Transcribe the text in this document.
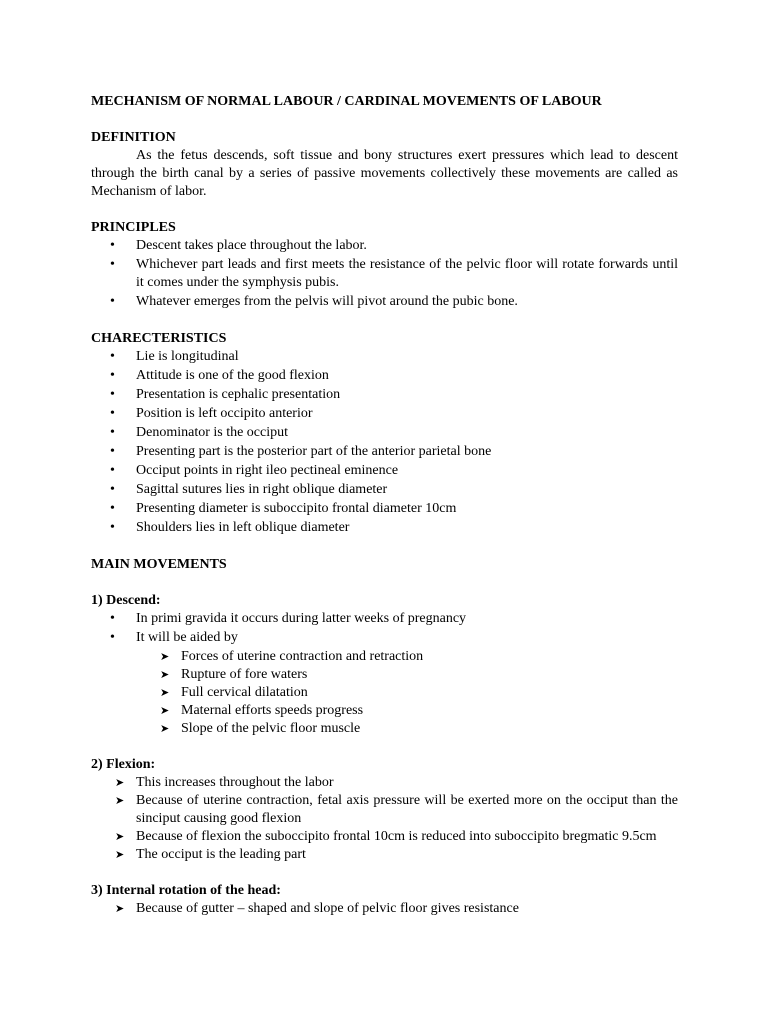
MECHANISM OF NORMAL LABOUR / CARDINAL MOVEMENTS OF LABOUR
DEFINITION

As the fetus descends, soft tissue and bony structures exert pressures which lead to descent through the birth canal by a series of passive movements collectively these movements are called as Mechanism of labor.

PRINCIPLES
• Descent takes place throughout the labor.
• Whichever part leads and first meets the resistance of the pelvic floor will rotate forwards until it comes under the symphysis pubis.
• Whatever emerges from the pelvis will pivot around the pubic bone.
CHARECTERISTICS
• Lie is longitudinal
• Attitude is one of the good flexion
• Presentation is cephalic presentation
• Position is left occipito anterior
• Denominator is the occiput
• Presenting part is the posterior part of the anterior parietal bone
• Occiput points in right ileo pectineal eminence
• Sagittal sutures lies in right oblique diameter
• Presenting diameter is suboccipito frontal diameter 10cm
• Shoulders lies in left oblique diameter
MAIN MOVEMENTS
1) Descend:
• In primi gravida it occurs during latter weeks of pregnancy
• It will be aided by
➤ Forces of uterine contraction and retraction
➤ Rupture of fore waters
➤ Full cervical dilatation
➤ Maternal efforts speeds progress
➤ Slope of the pelvic floor muscle
2) Flexion:
➤ This increases throughout the labor
➤ Because of uterine contraction, fetal axis pressure will be exerted more on the occiput than the sinciput causing good flexion
➤ Because of flexion the suboccipito frontal 10cm is reduced into suboccipito bregmatic 9.5cm
➤ The occiput is the leading part
3) Internal rotation of the head:
➤ Because of gutter – shaped and slope of pelvic floor gives resistance
